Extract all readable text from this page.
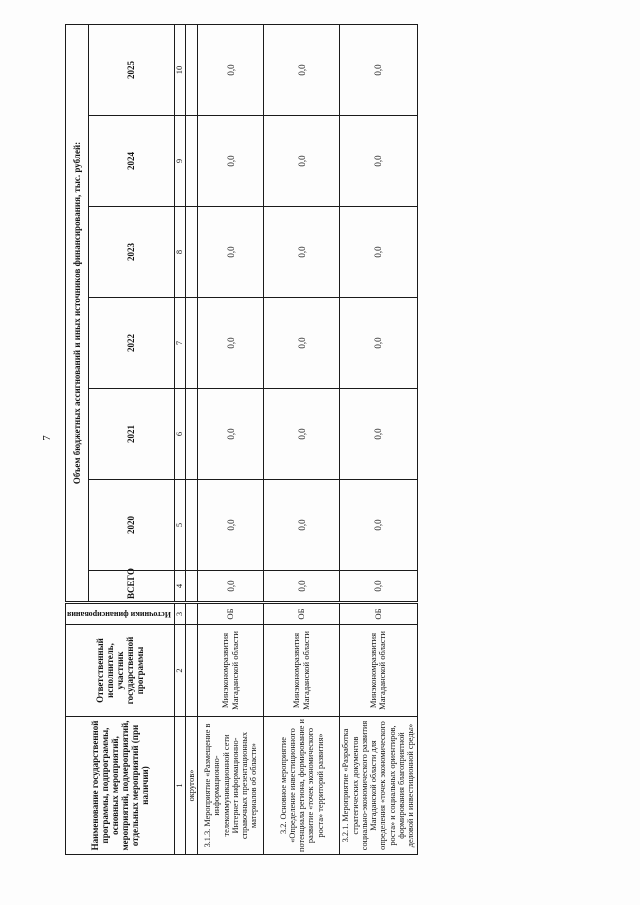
7
Наименование государственной программы, подпрограммы, основных мероприятий, мероприятий, подмероприятий, отдельных мероприятий (при наличии)	Ответственный исполнитель, участник государственной программы	Источники финансирования	Объем бюджетных ассигнований и иных источников финансирования, тыс. рублей:						
			ВСЕГО	2020	2021	2022	2023	2024	2025
1	2	3	4	5	6	7	8	9	10
округов»									
3.1.3. Мероприятие «Размещение в информационно-телекоммуникационной сети Интернет информационно-справочных презентационных материалов об области»	Минэкономразвития Магаданской области	ОБ	0,0	0,0	0,0	0,0	0,0	0,0	0,0
3.2. Основное мероприятие «Определение инвестиционного потенциала региона, формирование и развитие «точек экономического роста» территорий развития»	Минэкономразвития Магаданской области	ОБ	0,0	0,0	0,0	0,0	0,0	0,0	0,0
3.2.1. Мероприятие «Разработка стратегических документов социально-экономического развития Магаданской области для определения «точек экономического роста» и социальных ориентиров, формирования благоприятной деловой и инвестиционной среды»	Минэкономразвития Магаданской области	ОБ	0,0	0,0	0,0	0,0	0,0	0,0	0,0
